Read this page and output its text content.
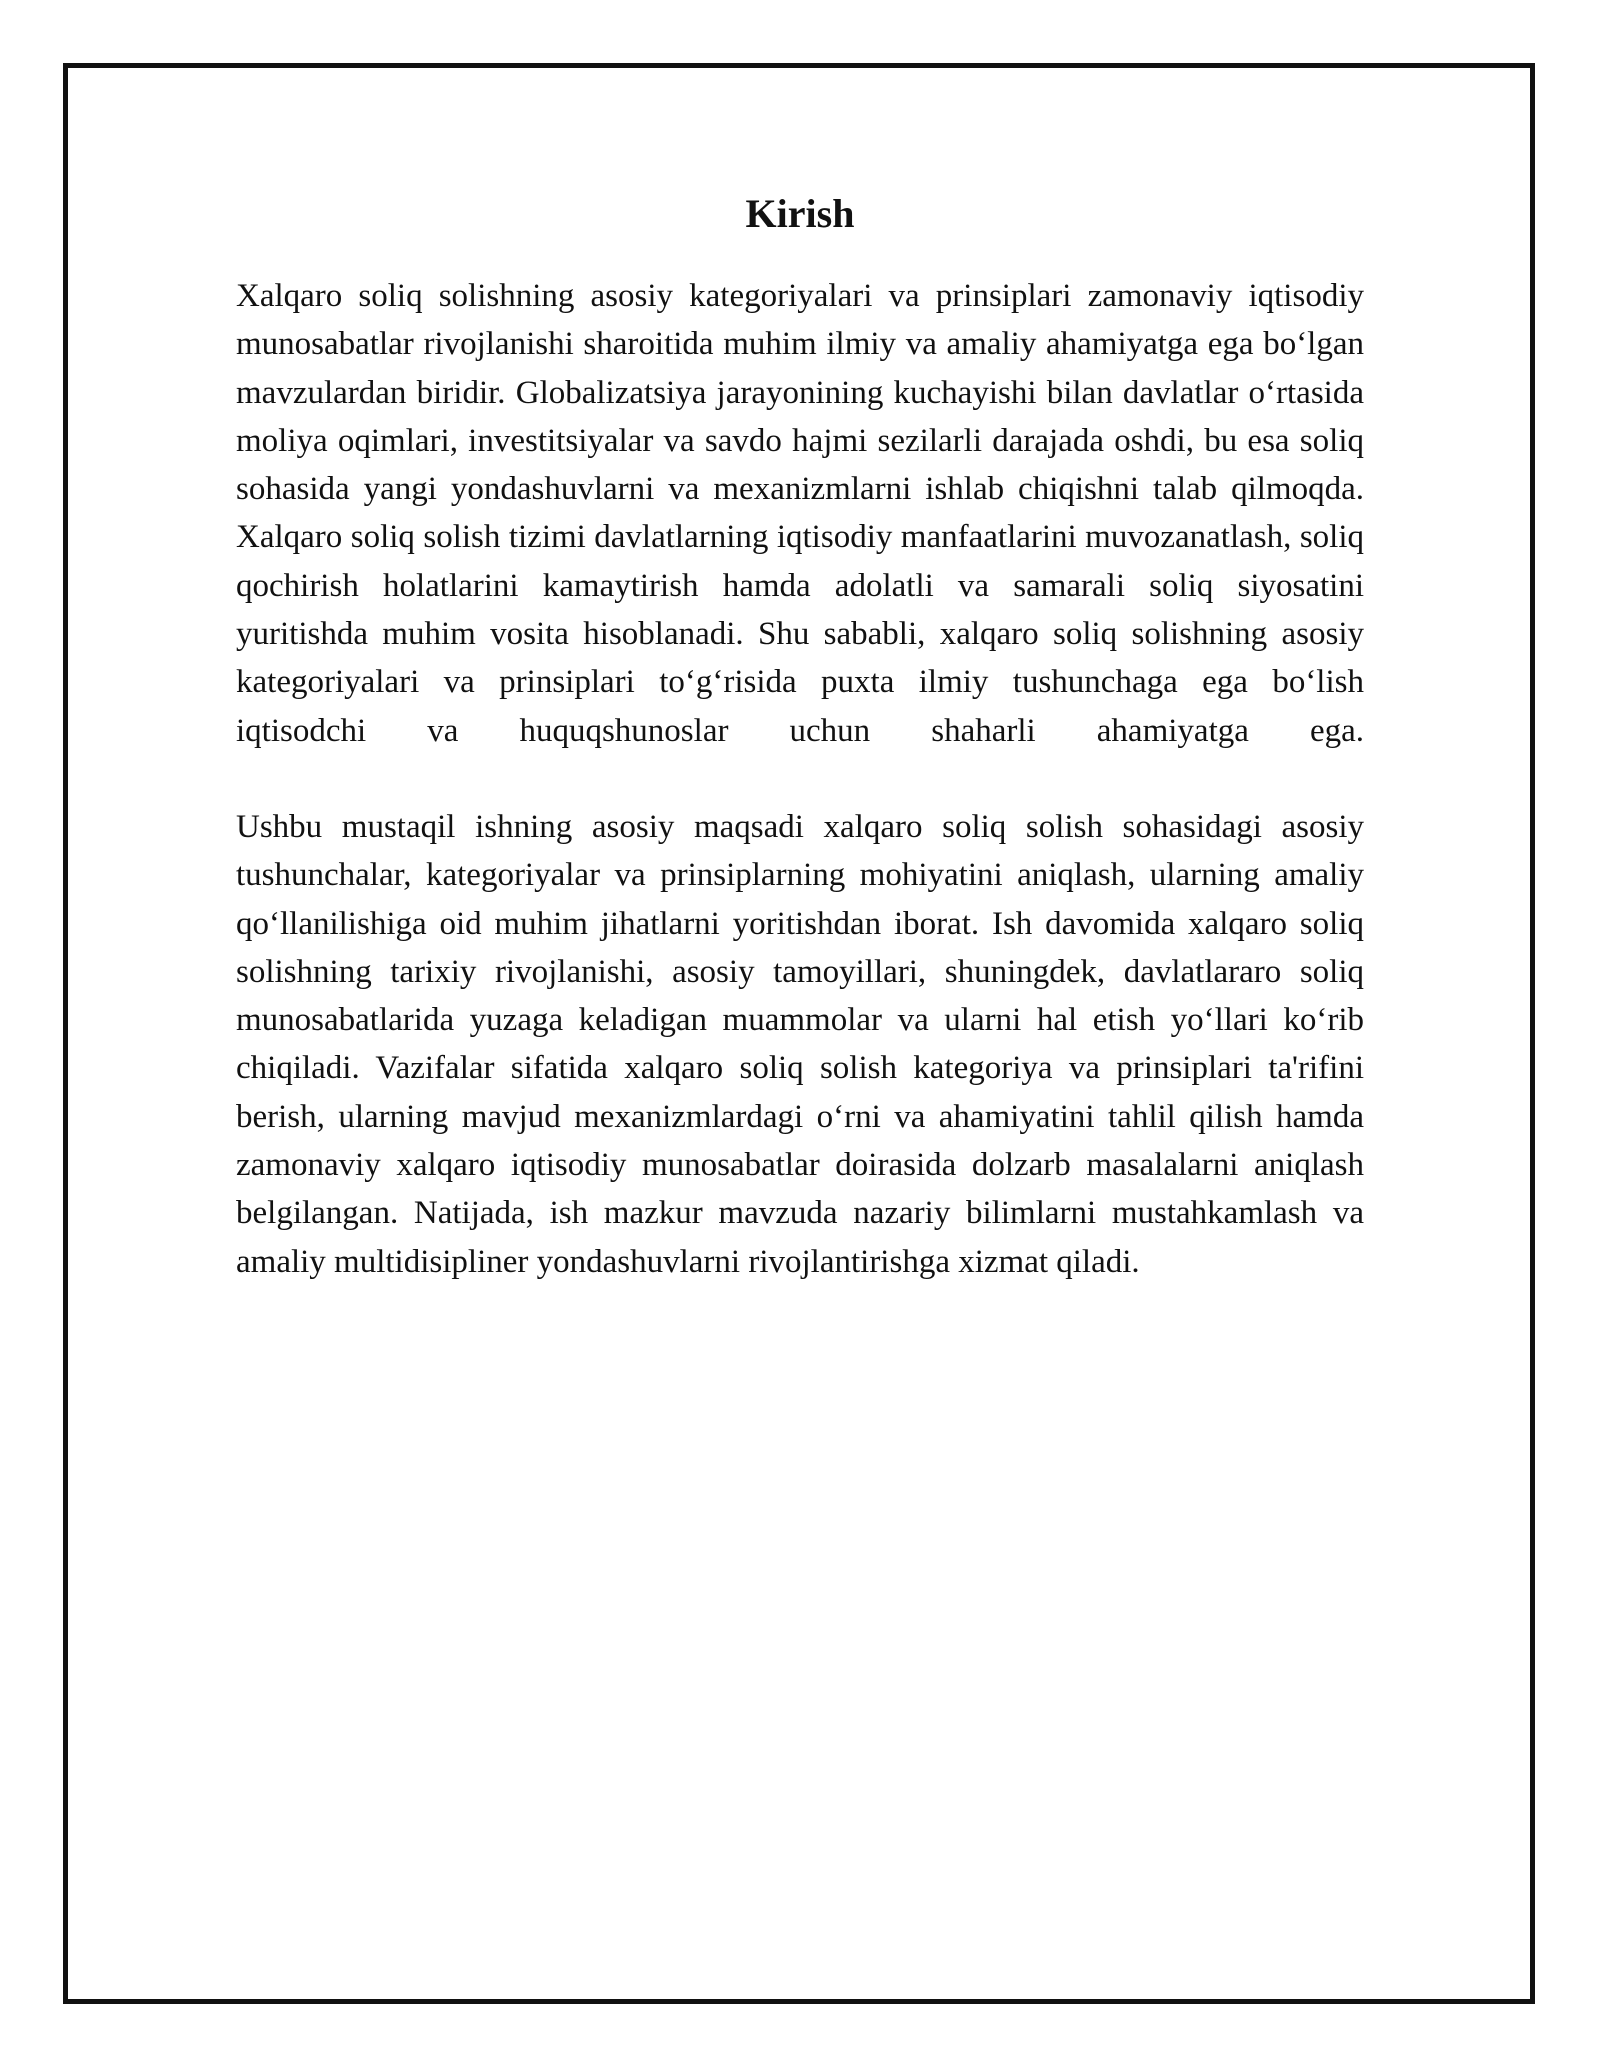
Kirish

Xalqaro soliq solishning asosiy kategoriyalari va prinsiplari zamonaviy iqtisodiy munosabatlar rivojlanishi sharoitida muhim ilmiy va amaliy ahamiyatga ega boʻlgan mavzulardan biridir. Globalizatsiya jarayonining kuchayishi bilan davlatlar oʻrtasida moliya oqimlari, investitsiyalar va savdo hajmi sezilarli darajada oshdi, bu esa soliq sohasida yangi yondashuvlarni va mexanizmlarni ishlab chiqishni talab qilmoqda. Xalqaro soliq solish tizimi davlatlarning iqtisodiy manfaatlarini muvozanatlash, soliq qochirish holatlarini kamaytirish hamda adolatli va samarali soliq siyosatini yuritishda muhim vosita hisoblanadi. Shu sababli, xalqaro soliq solishning asosiy kategoriyalari va prinsiplari toʻgʻrisida puxta ilmiy tushunchaga ega boʻlish iqtisodchi va huquqshunoslar uchun shaharli ahamiyatga ega.

Ushbu mustaqil ishning asosiy maqsadi xalqaro soliq solish sohasidagi asosiy tushunchalar, kategoriyalar va prinsiplarning mohiyatini aniqlash, ularning amaliy qoʻllanilishiga oid muhim jihatlarni yoritishdan iborat. Ish davomida xalqaro soliq solishning tarixiy rivojlanishi, asosiy tamoyillari, shuningdek, davlatlararo soliq munosabatlarida yuzaga keladigan muammolar va ularni hal etish yoʻllari koʻrib chiqiladi. Vazifalar sifatida xalqaro soliq solish kategoriya va prinsiplari ta'rifini berish, ularning mavjud mexanizmlardagi oʻrni va ahamiyatini tahlil qilish hamda zamonaviy xalqaro iqtisodiy munosabatlar doirasida dolzarb masalalarni aniqlash belgilangan. Natijada, ish mazkur mavzuda nazariy bilimlarni mustahkamlash va amaliy multidisipliner yondashuvlarni rivojlantirishga xizmat qiladi.
